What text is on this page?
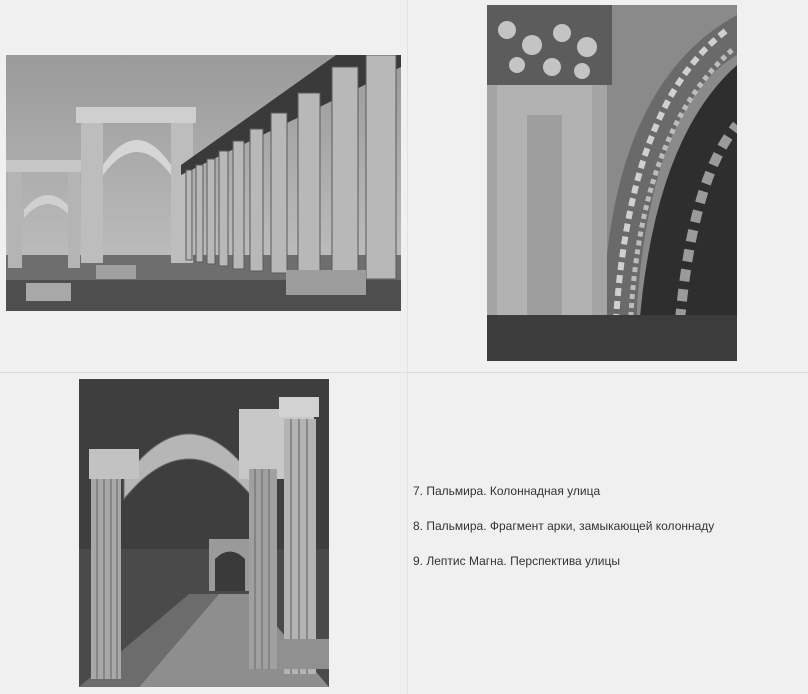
7. Пальмира. Колоннадная улица
8. Пальмира. Фрагмент арки, замыкающей колоннаду
9. Лептис Магна. Перспектива улицы
